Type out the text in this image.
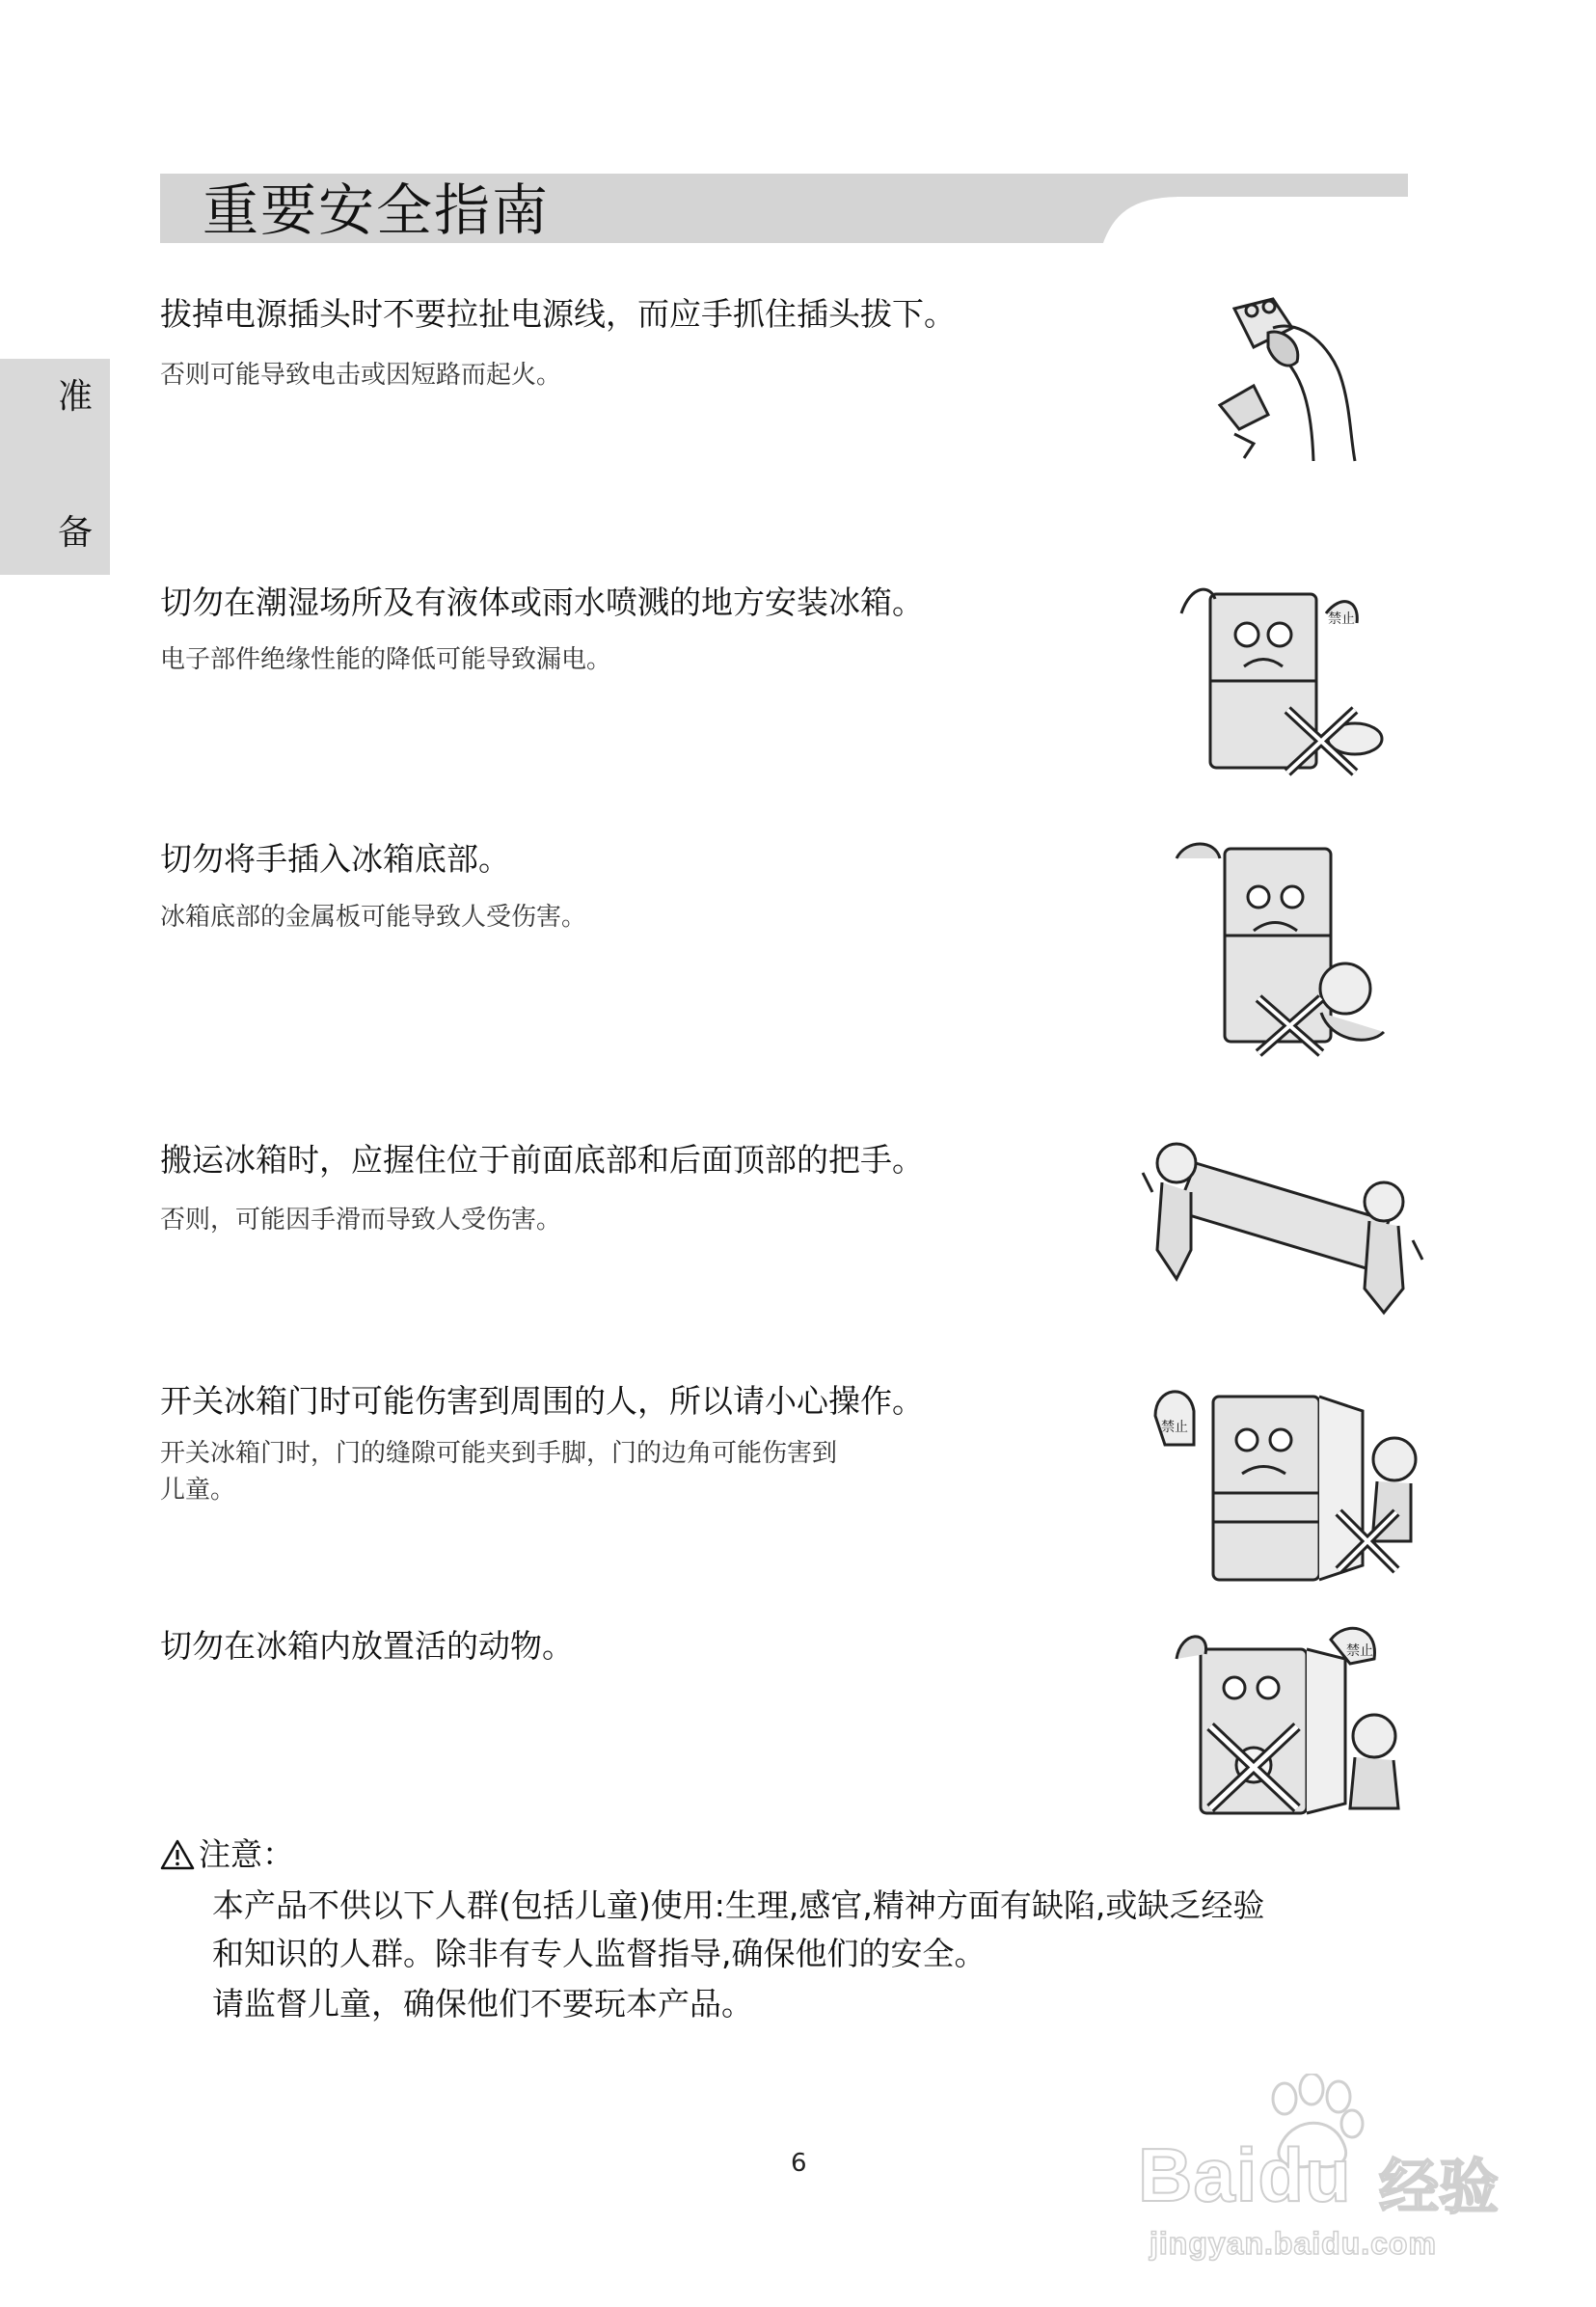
重要安全指南
准
备
拔掉电源插头时不要拉扯电源线，而应手抓住插头拔下。
否则可能导致电击或因短路而起火。
切勿在潮湿场所及有液体或雨水喷溅的地方安装冰箱。
电子部件绝缘性能的降低可能导致漏电。
禁止
切勿将手插入冰箱底部。
冰箱底部的金属板可能导致人受伤害。
搬运冰箱时，应握住位于前面底部和后面顶部的把手。
否则，可能因手滑而导致人受伤害。
开关冰箱门时可能伤害到周围的人，所以请小心操作。
开关冰箱门时，门的缝隙可能夹到手脚，门的边角可能伤害到
儿童。
禁止
切勿在冰箱内放置活的动物。	禁止
注意：
本产品不供以下人群(包括儿童)使用:生理,感官,精神方面有缺陷,或缺乏经验
和知识的人群。除非有专人监督指导,确保他们的安全。
请监督儿童，确保他们不要玩本产品。
6	Baidu 经验
jingyan.baidu.com
